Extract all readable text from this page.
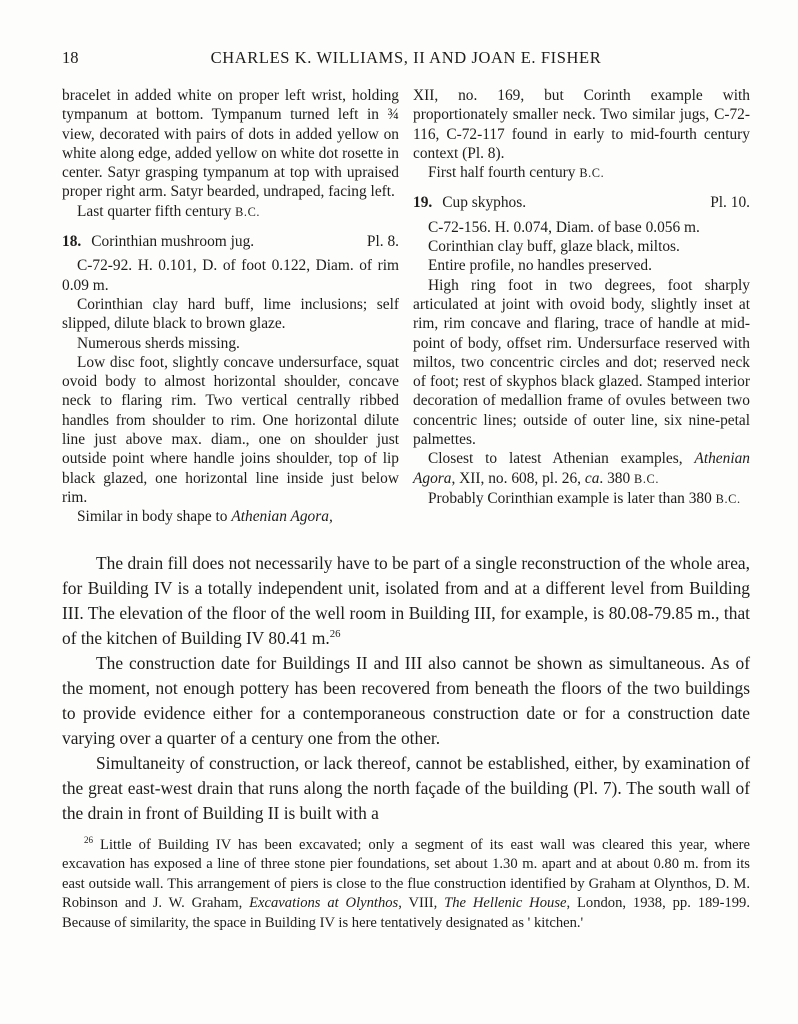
18	CHARLES K. WILLIAMS, II AND JOAN E. FISHER

bracelet in added white on proper left wrist, holding tympanum at bottom. Tympanum turned left in ¾ view, decorated with pairs of dots in added yellow on white along edge, added yellow on white dot rosette in center. Satyr grasping tympanum at top with upraised proper right arm. Satyr bearded, undraped, facing left.

Last quarter fifth century B.C.

18. Corinthian mushroom jug.	Pl. 8.

C-72-92. H. 0.101, D. of foot 0.122, Diam. of rim 0.09 m.

Corinthian clay hard buff, lime inclusions; self slipped, dilute black to brown glaze.

Numerous sherds missing.

Low disc foot, slightly concave undersurface, squat ovoid body to almost horizontal shoulder, concave neck to flaring rim. Two vertical centrally ribbed handles from shoulder to rim. One horizontal dilute line just above max. diam., one on shoulder just outside point where handle joins shoulder, top of lip black glazed, one horizontal line inside just below rim.

Similar in body shape to Athenian Agora,

XII, no. 169, but Corinth example with proportionately smaller neck. Two similar jugs, C-72-116, C-72-117 found in early to mid-fourth century context (Pl. 8).

First half fourth century B.C.

19. Cup skyphos.	Pl. 10.

C-72-156. H. 0.074, Diam. of base 0.056 m.

Corinthian clay buff, glaze black, miltos.

Entire profile, no handles preserved.

High ring foot in two degrees, foot sharply articulated at joint with ovoid body, slightly inset at rim, rim concave and flaring, trace of handle at mid-point of body, offset rim. Undersurface reserved with miltos, two concentric circles and dot; reserved neck of foot; rest of skyphos black glazed. Stamped interior decoration of medallion frame of ovules between two concentric lines; outside of outer line, six nine-petal palmettes.

Closest to latest Athenian examples, Athenian Agora, XII, no. 608, pl. 26, ca. 380 B.C.

Probably Corinthian example is later than 380 B.C.

The drain fill does not necessarily have to be part of a single reconstruction of the whole area, for Building IV is a totally independent unit, isolated from and at a different level from Building III. The elevation of the floor of the well room in Building III, for example, is 80.08-79.85 m., that of the kitchen of Building IV 80.41 m.$^{26}$

The construction date for Buildings II and III also cannot be shown as simultaneous. As of the moment, not enough pottery has been recovered from beneath the floors of the two buildings to provide evidence either for a contemporaneous construction date or for a construction date varying over a quarter of a century one from the other.

Simultaneity of construction, or lack thereof, cannot be established, either, by examination of the great east-west drain that runs along the north façade of the building (Pl. 7). The south wall of the drain in front of Building II is built with a

$^{26}$ Little of Building IV has been excavated; only a segment of its east wall was cleared this year, where excavation has exposed a line of three stone pier foundations, set about 1.30 m. apart and at about 0.80 m. from its east outside wall. This arrangement of piers is close to the flue construction identified by Graham at Olynthos, D. M. Robinson and J. W. Graham, Excavations at Olynthos, VIII, The Hellenic House, London, 1938, pp. 189-199. Because of similarity, the space in Building IV is here tentatively designated as ' kitchen.'
